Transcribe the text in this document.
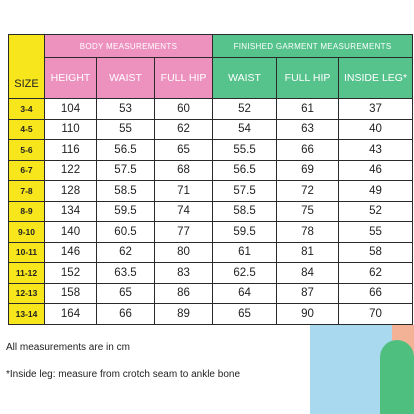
SIZE	BODY MEASUREMENTS			FINISHED GARMENT MEASUREMENTS		
	HEIGHT	WAIST	FULL HIP	WAIST	FULL HIP	INSIDE LEG*
3-4	104	53	60	52	61	37
4-5	110	55	62	54	63	40
5-6	116	56.5	65	55.5	66	43
6-7	122	57.5	68	56.5	69	46
7-8	128	58.5	71	57.5	72	49
8-9	134	59.5	74	58.5	75	52
9-10	140	60.5	77	59.5	78	55
10-11	146	62	80	61	81	58
11-12	152	63.5	83	62.5	84	62
12-13	158	65	86	64	87	66
13-14	164	66	89	65	90	70
All measurements are in cm
*Inside leg: measure from crotch seam to ankle bone
